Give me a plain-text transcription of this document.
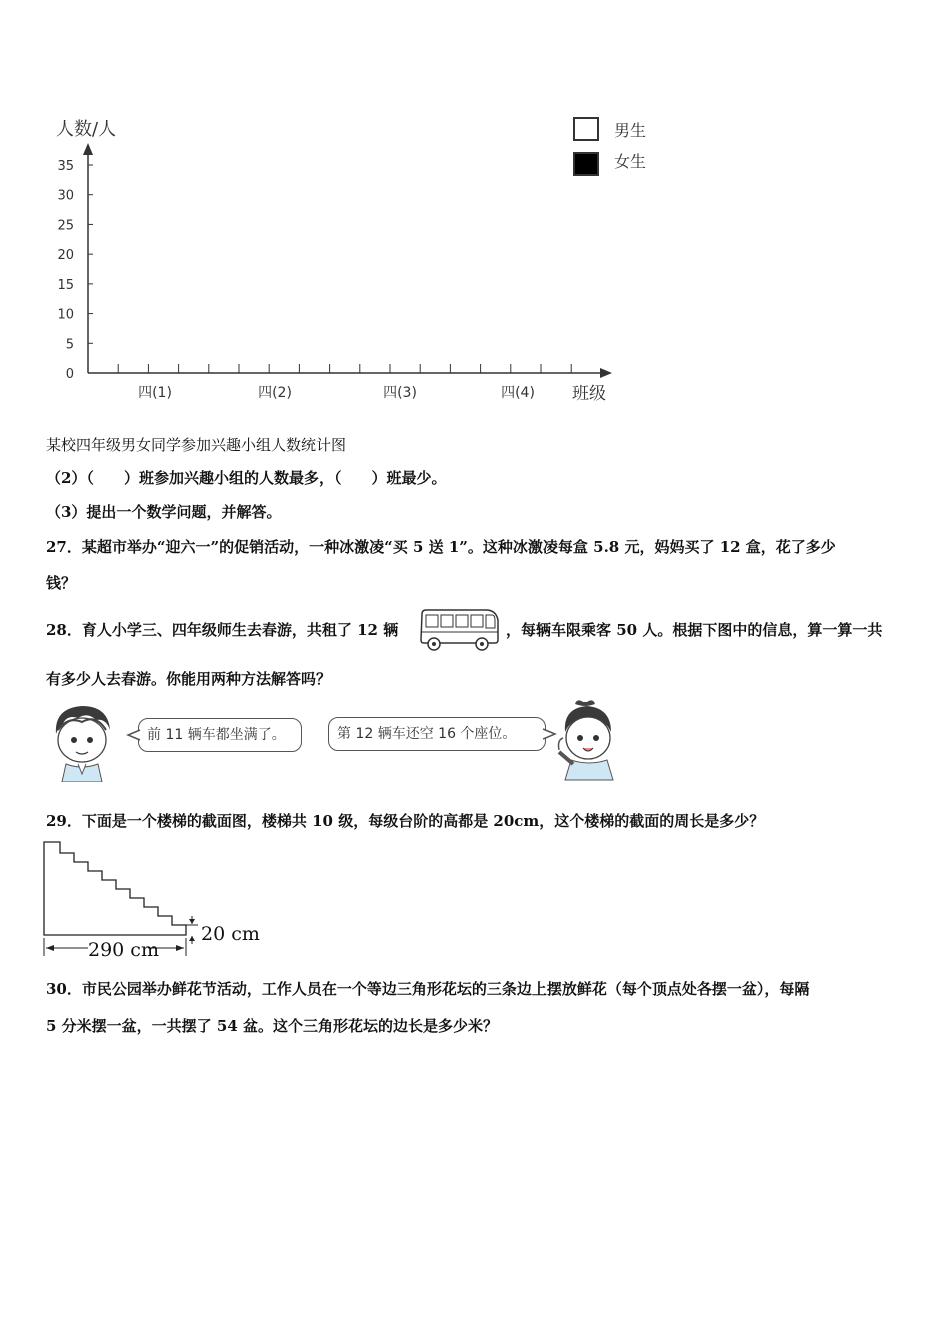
人数/人
班级
0
5
10
15
20
25
30
35
四(1)	四(2)	四(3)	四(4)
男生
女生
某校四年级男女同学参加兴趣小组人数统计图
（2）（　　）班参加兴趣小组的人数最多，（　　）班最少。
（3）提出一个数学问题，并解答。
27．某超市举办“迎六一”的促销活动，一种冰激凌“买 5 送 1”。这种冰激凌每盒 5.8 元，妈妈买了 12 盒，花了多少
钱？
28．育人小学三、四年级师生去春游，共租了 12 辆	，每辆车限乘客 50 人。根据下图中的信息，算一算一共
有多少人去春游。你能用两种方法解答吗？
前 11 辆车都坐满了。	第 12 辆车还空 16 个座位。
29．下面是一个楼梯的截面图，楼梯共 10 级，每级台阶的高都是 20cm，这个楼梯的截面的周长是多少？
290 cm
20 cm
30．市民公园举办鲜花节活动，工作人员在一个等边三角形花坛的三条边上摆放鲜花（每个顶点处各摆一盆），每隔
5 分米摆一盆，一共摆了 54 盆。这个三角形花坛的边长是多少米？
